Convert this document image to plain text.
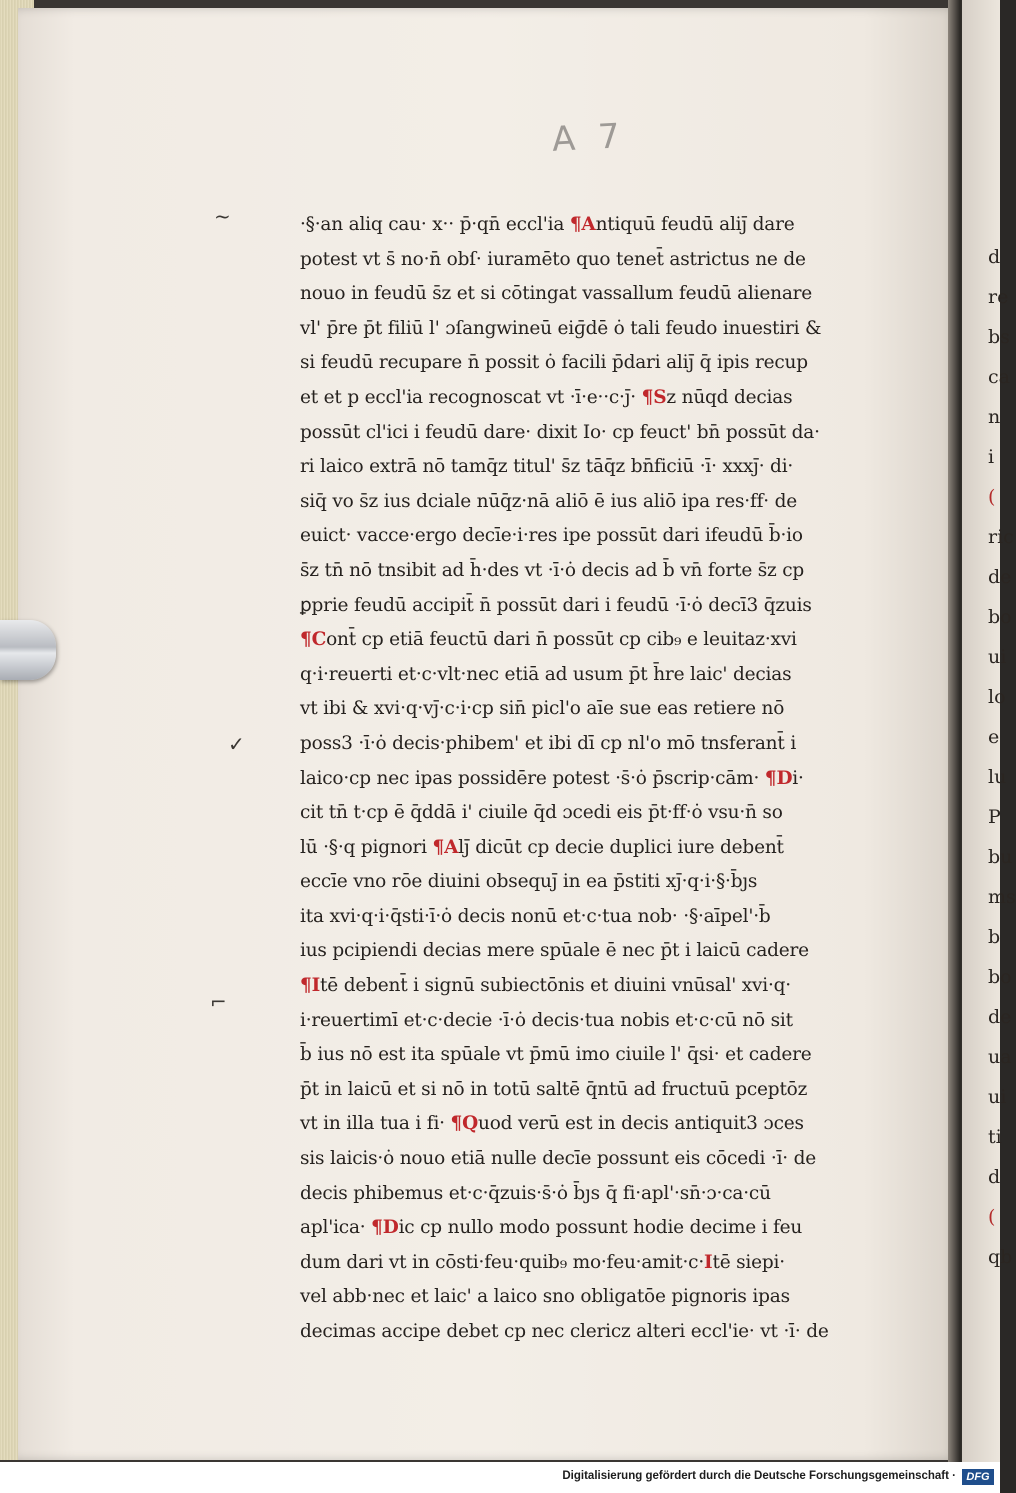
d
re
bs
ca
n
i
(
ric
de
bo
ui
lo
e
lu
P
bu
ms
b
bo
de
ua
ui
ti
d
(
qb
A 7
~
✓
⌐
·§·an aliq cau· x·· p̄·qn̄ eccl'ia ¶Antiquū feudū aliȷ̄ dare
potest vt s̄ no·n̄ obſ· iuramēto quo tenet̄ astrictus ne de
nouo in feudū s̄z et si cōtingat vassallum feudū alienare
vl' p̄re p̄t filiū l' ɔſangwineū eiɡ̄dē ȯ tali feudo inuestiri &
si feudū recupare n̄ possit ȯ facili p̄dari aliȷ̄ q̄ ipis recup
et et p eccl'ia recognoscat vt ·ī·e··c·ȷ̄· ¶Sz nūqd decias
possūt cl'ici i feudū dare· dixit Io· cp feuct' bn̄ possūt da·
ri laico extrā nō tamq̄z titul' s̄z tāq̄z bn̄ficiū ·ī· xxxȷ̄· di·
siq̄ vo s̄z ius dciale nūq̄z·nā aliō ē ius aliō ipa res·ff· de
euict· vacce·ergo decīe·i·res ipe possūt dari ifeudū b̄·io
s̄z tn̄ nō tnsibit ad h̄·des vt ·ī·ȯ decis ad b̄ vn̄ forte s̄z cp
ꝑprie feudū accipit̄ n̄ possūt dari i feudū ·ī·ȯ decī3 q̄zuis
¶Cont̄ cp etiā feuctū dari n̄ possūt cp cib₉ e leuitaz·xvi
q·i·reuerti et·c·vlt·nec etiā ad usum p̄t h̄re laic' decias
vt ibi & xvi·q·vȷ̄·c·i·cp sin̄ picl'o aīe sue eas retiere nō
poss3 ·ī·ȯ decis·phibem' et ibi dī cp nl'o mō tnsferant̄ i
laico·cp nec ipas possidēre potest ·s̄·ȯ p̄scrip·cām· ¶Di·
cit tn̄ t·cp ē q̄ddā i' ciuile q̄d ɔcedi eis p̄t·ff·ȯ vsu·n̄ so
lū ·§·q pignori ¶Alȷ̄ dicūt cp decie duplici iure debent̄
eccīe vno rōe diuini obsequȷ̄ in ea p̄stiti xȷ̄·q·i·§·b̄ȷs
ita xvi·q·i·q̄sti·ī·ȯ decis nonū et·c·tua nob· ·§·aīpel'·b̄
ius pcipiendi decias mere spūale ē nec p̄t i laicū cadere
¶Itē debent̄ i signū subiectōnis et diuini vnūsal' xvi·q·
i·reuertimī et·c·decie ·ī·ȯ decis·tua nobis et·c·cū nō sit
b̄ ius nō est ita spūale vt p̄mū imo ciuile l' q̄si· et cadere
p̄t in laicū et si nō in totū saltē q̄ntū ad fructuū pceptōz
vt in illa tua i fi· ¶Quod verū est in decis antiquit3 ɔces
sis laicis·ȯ nouo etiā nulle decīe possunt eis cōcedi ·ī· de
decis phibemus et·c·q̄zuis·s̄·ȯ b̄ȷs q̄ fi·apl'·sn̄·ɔ·ca·cū
apl'ica· ¶Dic cp nullo modo possunt hodie decime i feu
dum dari vt in cōsti·feu·quib₉ mo·feu·amit·c·Itē siepi·
vel abb·nec et laic' a laico sno obligatōe pignoris ipas
decimas accipe debet cp nec clericz alteri eccl'ie· vt ·ī· de
Digitalisierung gefördert durch die Deutsche Forschungsgemeinschaft · DFG
